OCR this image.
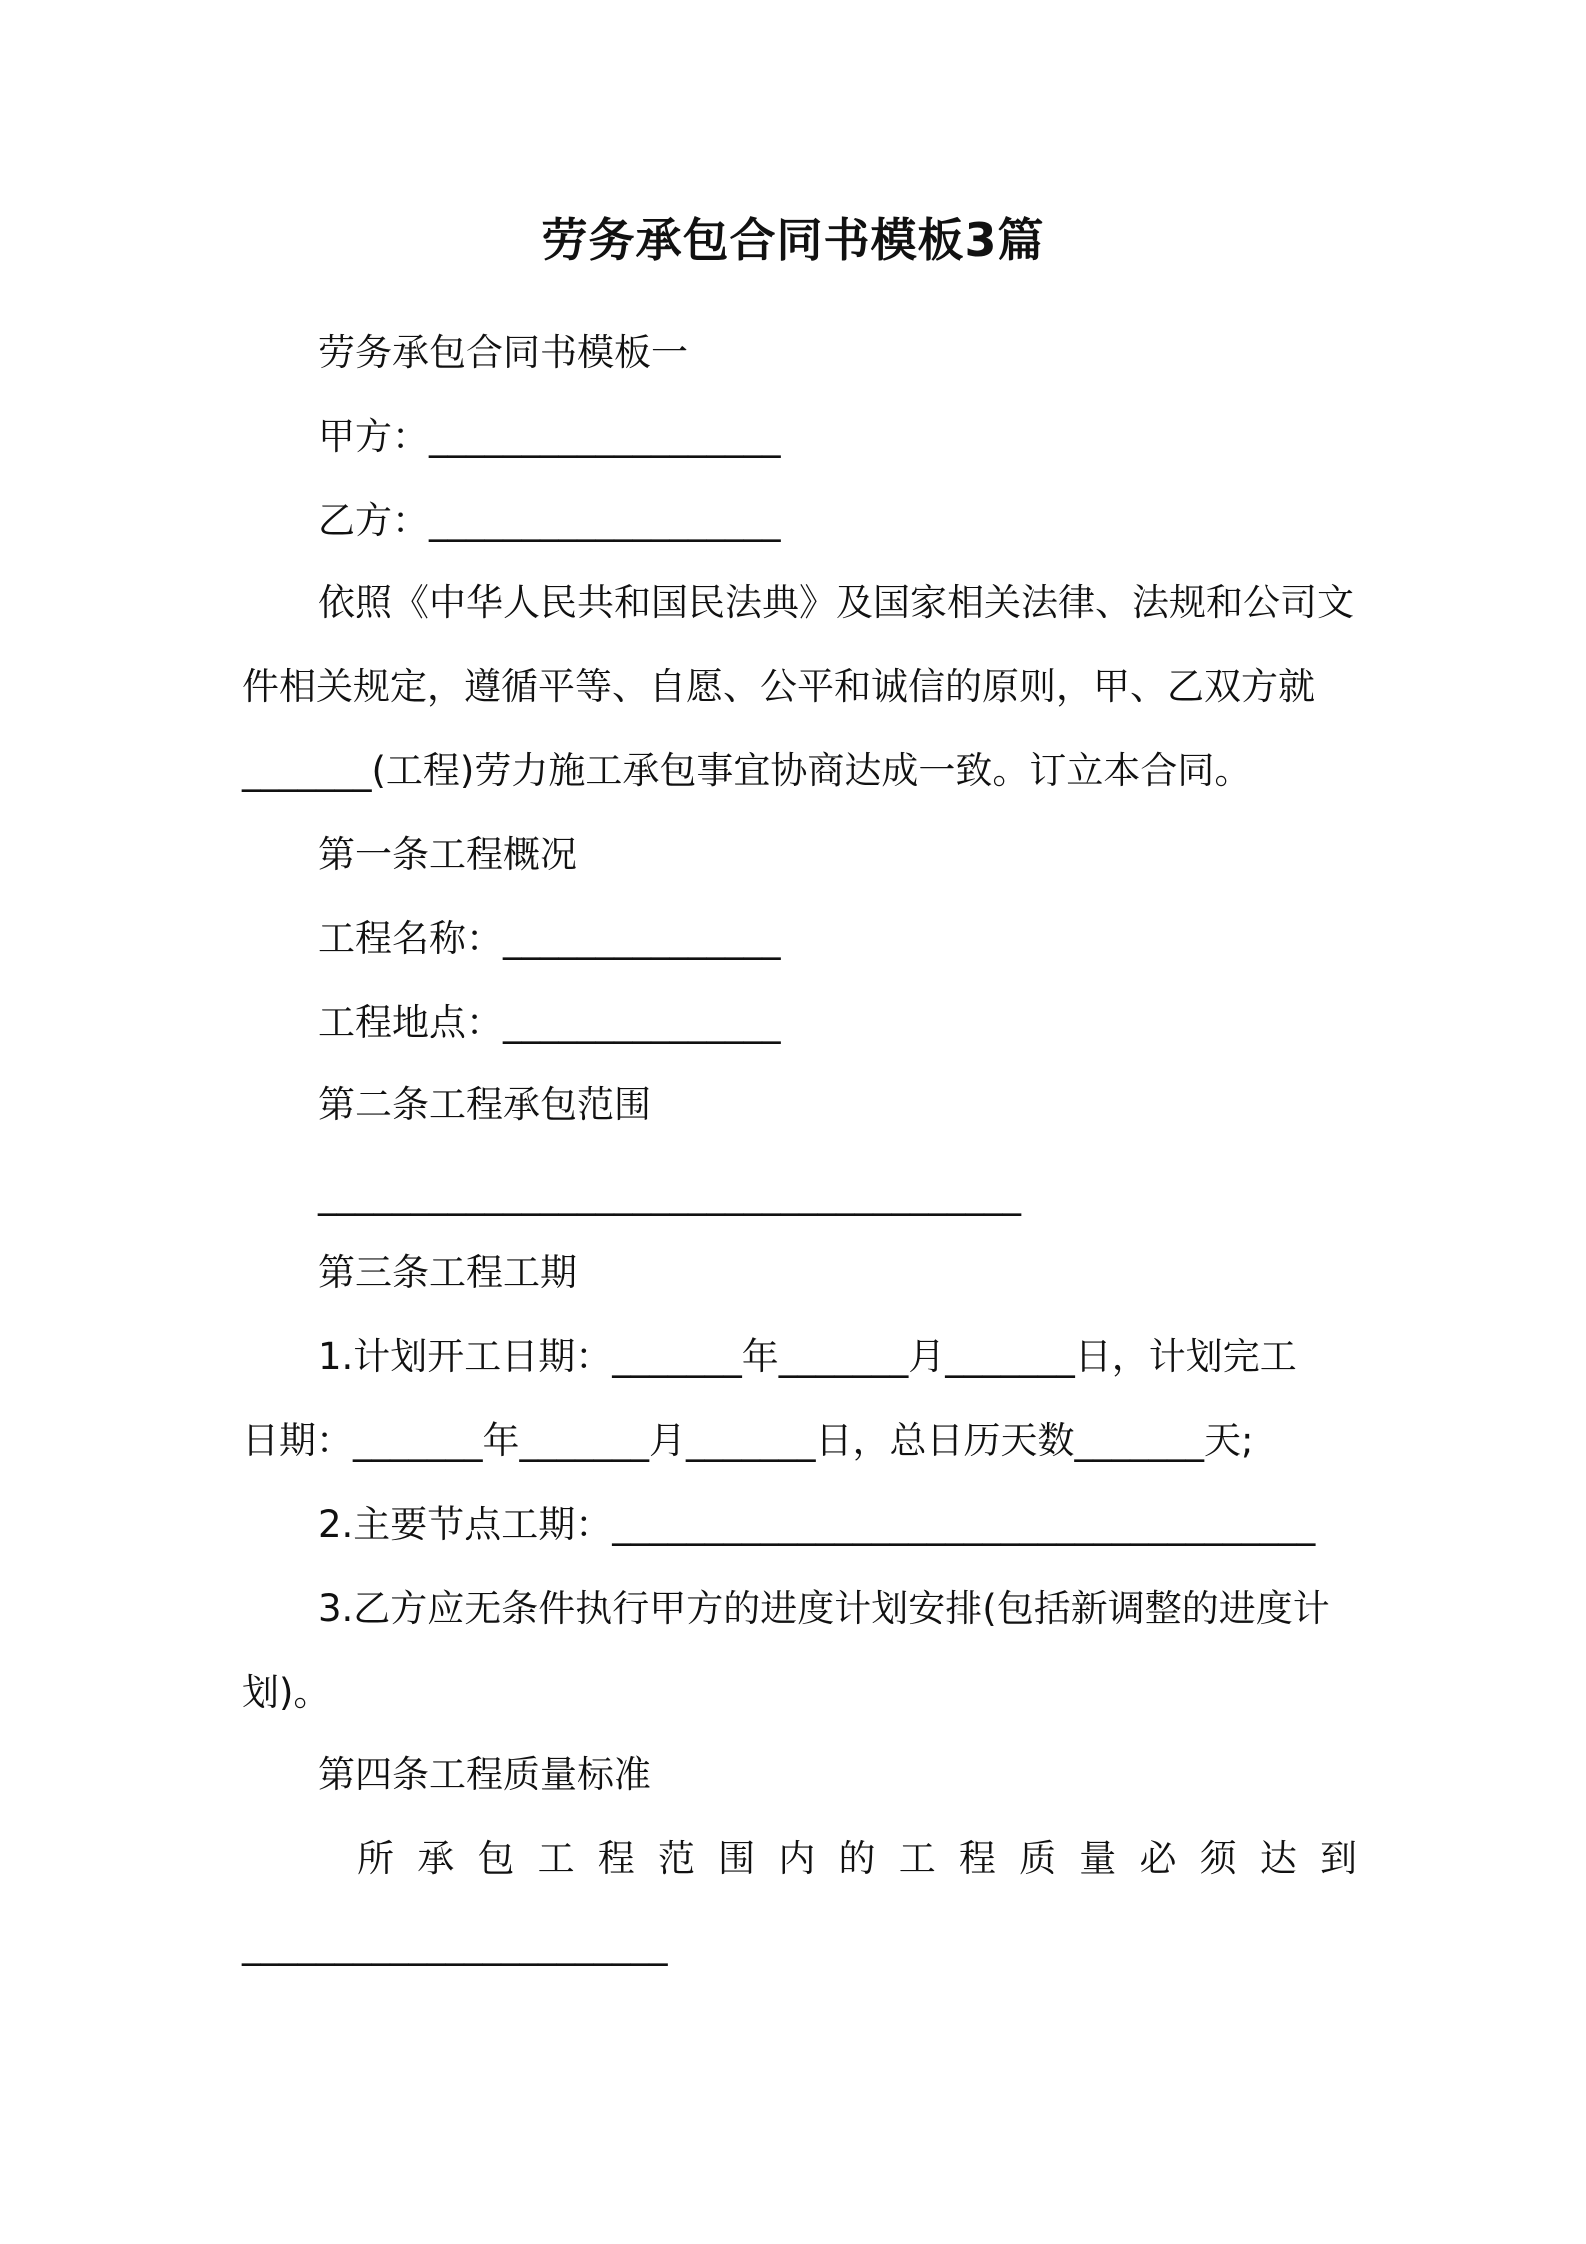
劳务承包合同书模板3篇
劳务承包合同书模板一
甲方：___________________
乙方：___________________
依照《中华人民共和国民法典》及国家相关法律、法规和公司文
件相关规定，遵循平等、自愿、公平和诚信的原则，甲、乙双方就
_______(工程)劳力施工承包事宜协商达成一致。订立本合同。
第一条工程概况
工程名称：_______________
工程地点：_______________
第二条工程承包范围
______________________________________
第三条工程工期
1.计划开工日期：_______年_______月_______日，计划完工
日期：_______年_______月_______日，总日历天数_______天;
2.主要节点工期：______________________________________
3.乙方应无条件执行甲方的进度计划安排(包括新调整的进度计
划)。
第四条工程质量标准
所 承 包 工 程 范 围 内 的 工 程 质 量 必 须 达 到
_______________________
